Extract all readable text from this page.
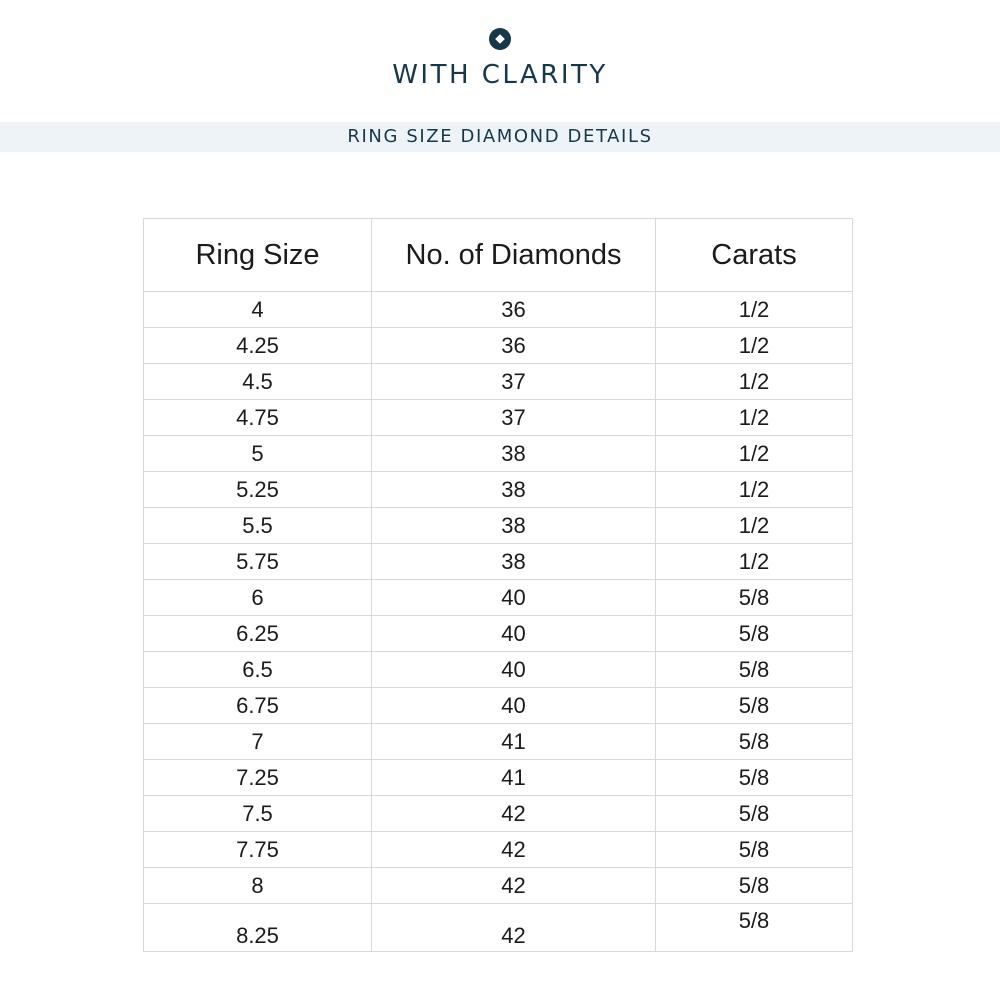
WITH CLARITY
RING SIZE DIAMOND DETAILS
Ring Size	No. of Diamonds	Carats
4	36	1/2
4.25	36	1/2
4.5	37	1/2
4.75	37	1/2
5	38	1/2
5.25	38	1/2
5.5	38	1/2
5.75	38	1/2
6	40	5/8
6.25	40	5/8
6.5	40	5/8
6.75	40	5/8
7	41	5/8
7.25	41	5/8
7.5	42	5/8
7.75	42	5/8
8	42	5/8
8.25	42	5/8
